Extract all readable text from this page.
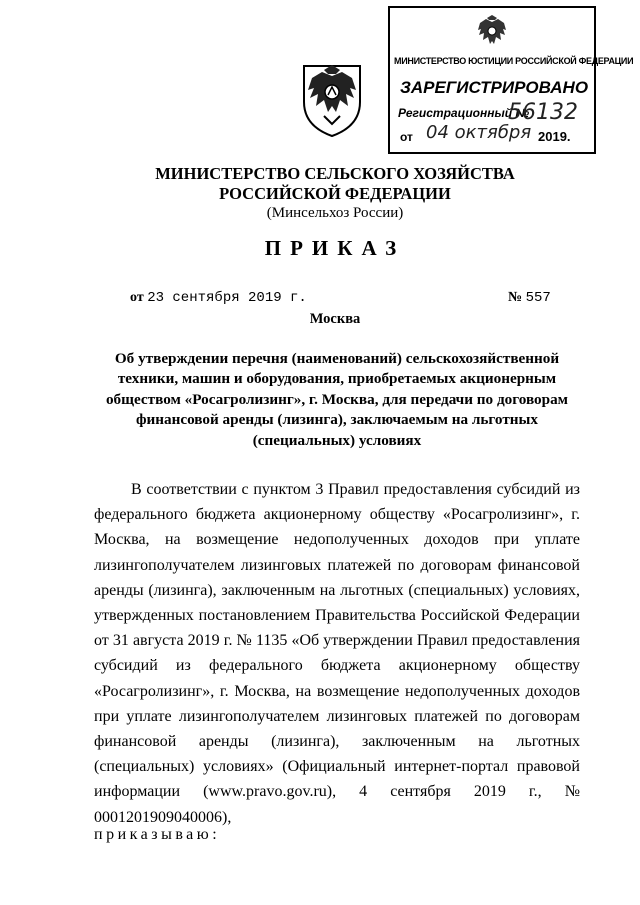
МИНИСТЕРСТВО ЮСТИЦИИ РОССИЙСКОЙ ФЕДЕРАЦИИ
ЗАРЕГИСТРИРОВАНО
Регистрационный №
56132
от 04 октября 2019.
МИНИСТЕРСТВО СЕЛЬСКОГО ХОЗЯЙСТВА
РОССИЙСКОЙ ФЕДЕРАЦИИ
(Минсельхоз России)
ПРИКАЗ
от 23 сентября 2019 г.	№ 557
Москва
Об утверждении перечня (наименований) сельскохозяйственной техники, машин и оборудования, приобретаемых акционерным обществом «Росагролизинг», г. Москва, для передачи по договорам финансовой аренды (лизинга), заключаемым на льготных (специальных) условиях

В соответствии с пунктом 3 Правил предоставления субсидий из федерального бюджета акционерному обществу «Росагролизинг», г. Москва, на возмещение недополученных доходов при уплате лизингополучателем лизинговых платежей по договорам финансовой аренды (лизинга), заключенным на льготных (специальных) условиях, утвержденных постановлением Правительства Российской Федерации от 31 августа 2019 г. № 1135 «Об утверждении Правил предоставления субсидий из федерального бюджета акционерному обществу «Росагролизинг», г. Москва, на возмещение недополученных доходов при уплате лизингополучателем лизинговых платежей по договорам финансовой аренды (лизинга), заключенным на льготных (специальных) условиях» (Официальный интернет-портал правовой информации (www.pravo.gov.ru), 4 сентября 2019 г., № 0001201909040006),

приказываю:
